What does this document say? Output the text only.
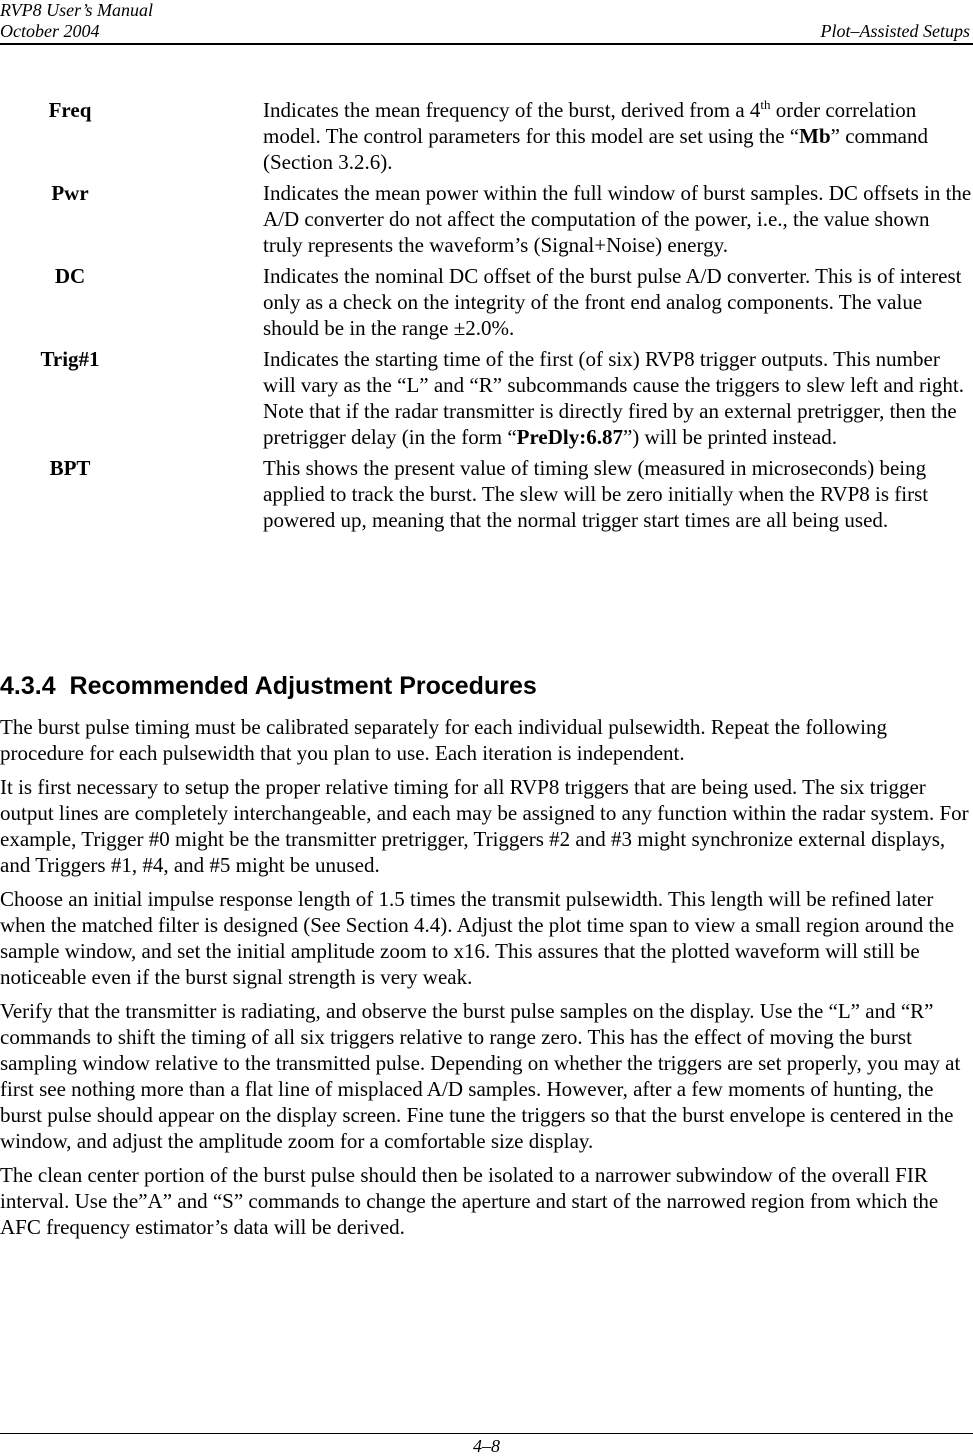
RVP8 User’s Manual
October 2004	Plot–Assisted Setups
Freq	Indicates the mean frequency of the burst, derived from a 4th order correlation model. The control parameters for this model are set using the “Mb” command (Section 3.2.6).
Pwr	Indicates the mean power within the full window of burst samples. DC offsets in the A/D converter do not affect the computation of the power, i.e., the value shown truly represents the waveform’s (Signal+Noise) energy.
DC	Indicates the nominal DC offset of the burst pulse A/D converter. This is of interest only as a check on the integrity of the front end analog components. The value should be in the range ±2.0%.
Trig#1	Indicates the starting time of the first (of six) RVP8 trigger outputs. This number will vary as the “L” and “R” subcommands cause the triggers to slew left and right. Note that if the radar transmitter is directly fired by an external pretrigger, then the pretrigger delay (in the form “PreDly:6.87”) will be printed instead.
BPT	This shows the present value of timing slew (measured in microseconds) being applied to track the burst. The slew will be zero initially when the RVP8 is first powered up, meaning that the normal trigger start times are all being used.
4.3.4 Recommended Adjustment Procedures

The burst pulse timing must be calibrated separately for each individual pulsewidth. Repeat the following procedure for each pulsewidth that you plan to use. Each iteration is independent.

It is first necessary to setup the proper relative timing for all RVP8 triggers that are being used. The six trigger output lines are completely interchangeable, and each may be assigned to any function within the radar system. For example, Trigger #0 might be the transmitter pretrigger, Triggers #2 and #3 might synchronize external displays, and Triggers #1, #4, and #5 might be unused.

Choose an initial impulse response length of 1.5 times the transmit pulsewidth. This length will be refined later when the matched filter is designed (See Section 4.4). Adjust the plot time span to view a small region around the sample window, and set the initial amplitude zoom to x16. This assures that the plotted waveform will still be noticeable even if the burst signal strength is very weak.

Verify that the transmitter is radiating, and observe the burst pulse samples on the display. Use the “L” and “R” commands to shift the timing of all six triggers relative to range zero. This has the effect of moving the burst sampling window relative to the transmitted pulse. Depending on whether the triggers are set properly, you may at first see nothing more than a flat line of misplaced A/D samples. However, after a few moments of hunting, the burst pulse should appear on the display screen. Fine tune the triggers so that the burst envelope is centered in the window, and adjust the amplitude zoom for a comfortable size display.

The clean center portion of the burst pulse should then be isolated to a narrower subwindow of the overall FIR interval. Use the”A” and “S” commands to change the aperture and start of the narrowed region from which the AFC frequency estimator’s data will be derived.

4–8
